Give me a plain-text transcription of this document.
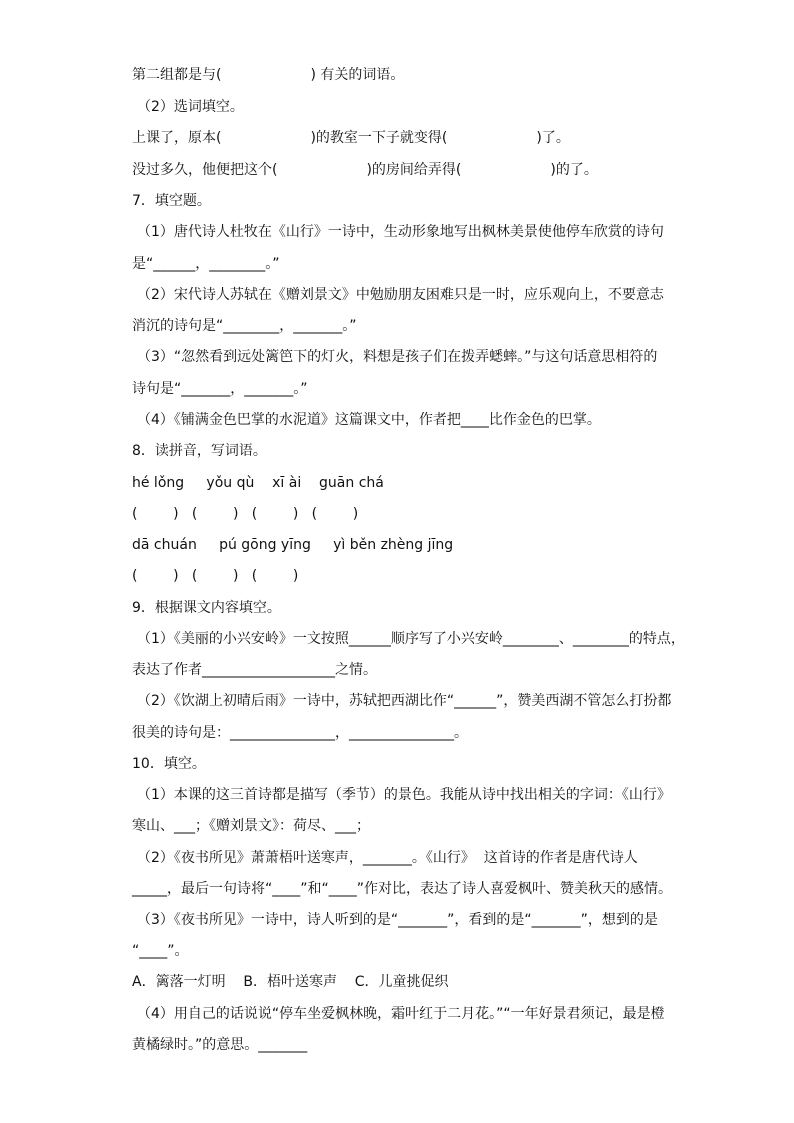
第二组都是与(                    ) 有关的词语。
（2）选词填空。
上课了，原本(                    )的教室一下子就变得(                    )了。
没过多久，他便把这个(                    )的房间给弄得(                    )的了。
7．填空题。
（1）唐代诗人杜牧在《山行》一诗中，生动形象地写出枫林美景使他停车欣赏的诗句
是“______，________。”
（2）宋代诗人苏轼在《赠刘景文》中勉励朋友困难只是一时，应乐观向上，不要意志
消沉的诗句是“________，_______。”
（3）“忽然看到远处篱笆下的灯火，料想是孩子们在拨弄蟋蟀。”与这句话意思相符的
诗句是“_______，_______。”
（4）《铺满金色巴掌的水泥道》这篇课文中，作者把____比作金色的巴掌。
8．读拼音，写词语。
hé lǒng     yǒu qù    xī ài    guān chá
(        )   (        )   (        )   (        )
dā chuán     pú gōng yīng     yì běn zhèng jīng
(        )   (        )   (        )
9．根据课文内容填空。
（1）《美丽的小兴安岭》一文按照______顺序写了小兴安岭________、________的特点，
表达了作者___________________之情。
（2）《饮湖上初晴后雨》一诗中，苏轼把西湖比作“______”，赞美西湖不管怎么打扮都
很美的诗句是：_______________，_______________。
10．填空。
（1）本课的这三首诗都是描写（季节）的景色。我能从诗中找出相关的字词：《山行》
寒山、___；《赠刘景文》：荷尽、___；
（2）《夜书所见》萧萧梧叶送寒声，_______。《山行》  这首诗的作者是唐代诗人
_____，最后一句诗将“____”和“____”作对比，表达了诗人喜爱枫叶、赞美秋天的感情。
（3）《夜书所见》一诗中，诗人听到的是“_______”，看到的是“_______”，想到的是
“____”。
A．篱落一灯明    B．梧叶送寒声    C．儿童挑促织
（4）用自己的话说说“停车坐爱枫林晚，霜叶红于二月花。”“一年好景君须记，最是橙
黄橘绿时。”的意思。_______
